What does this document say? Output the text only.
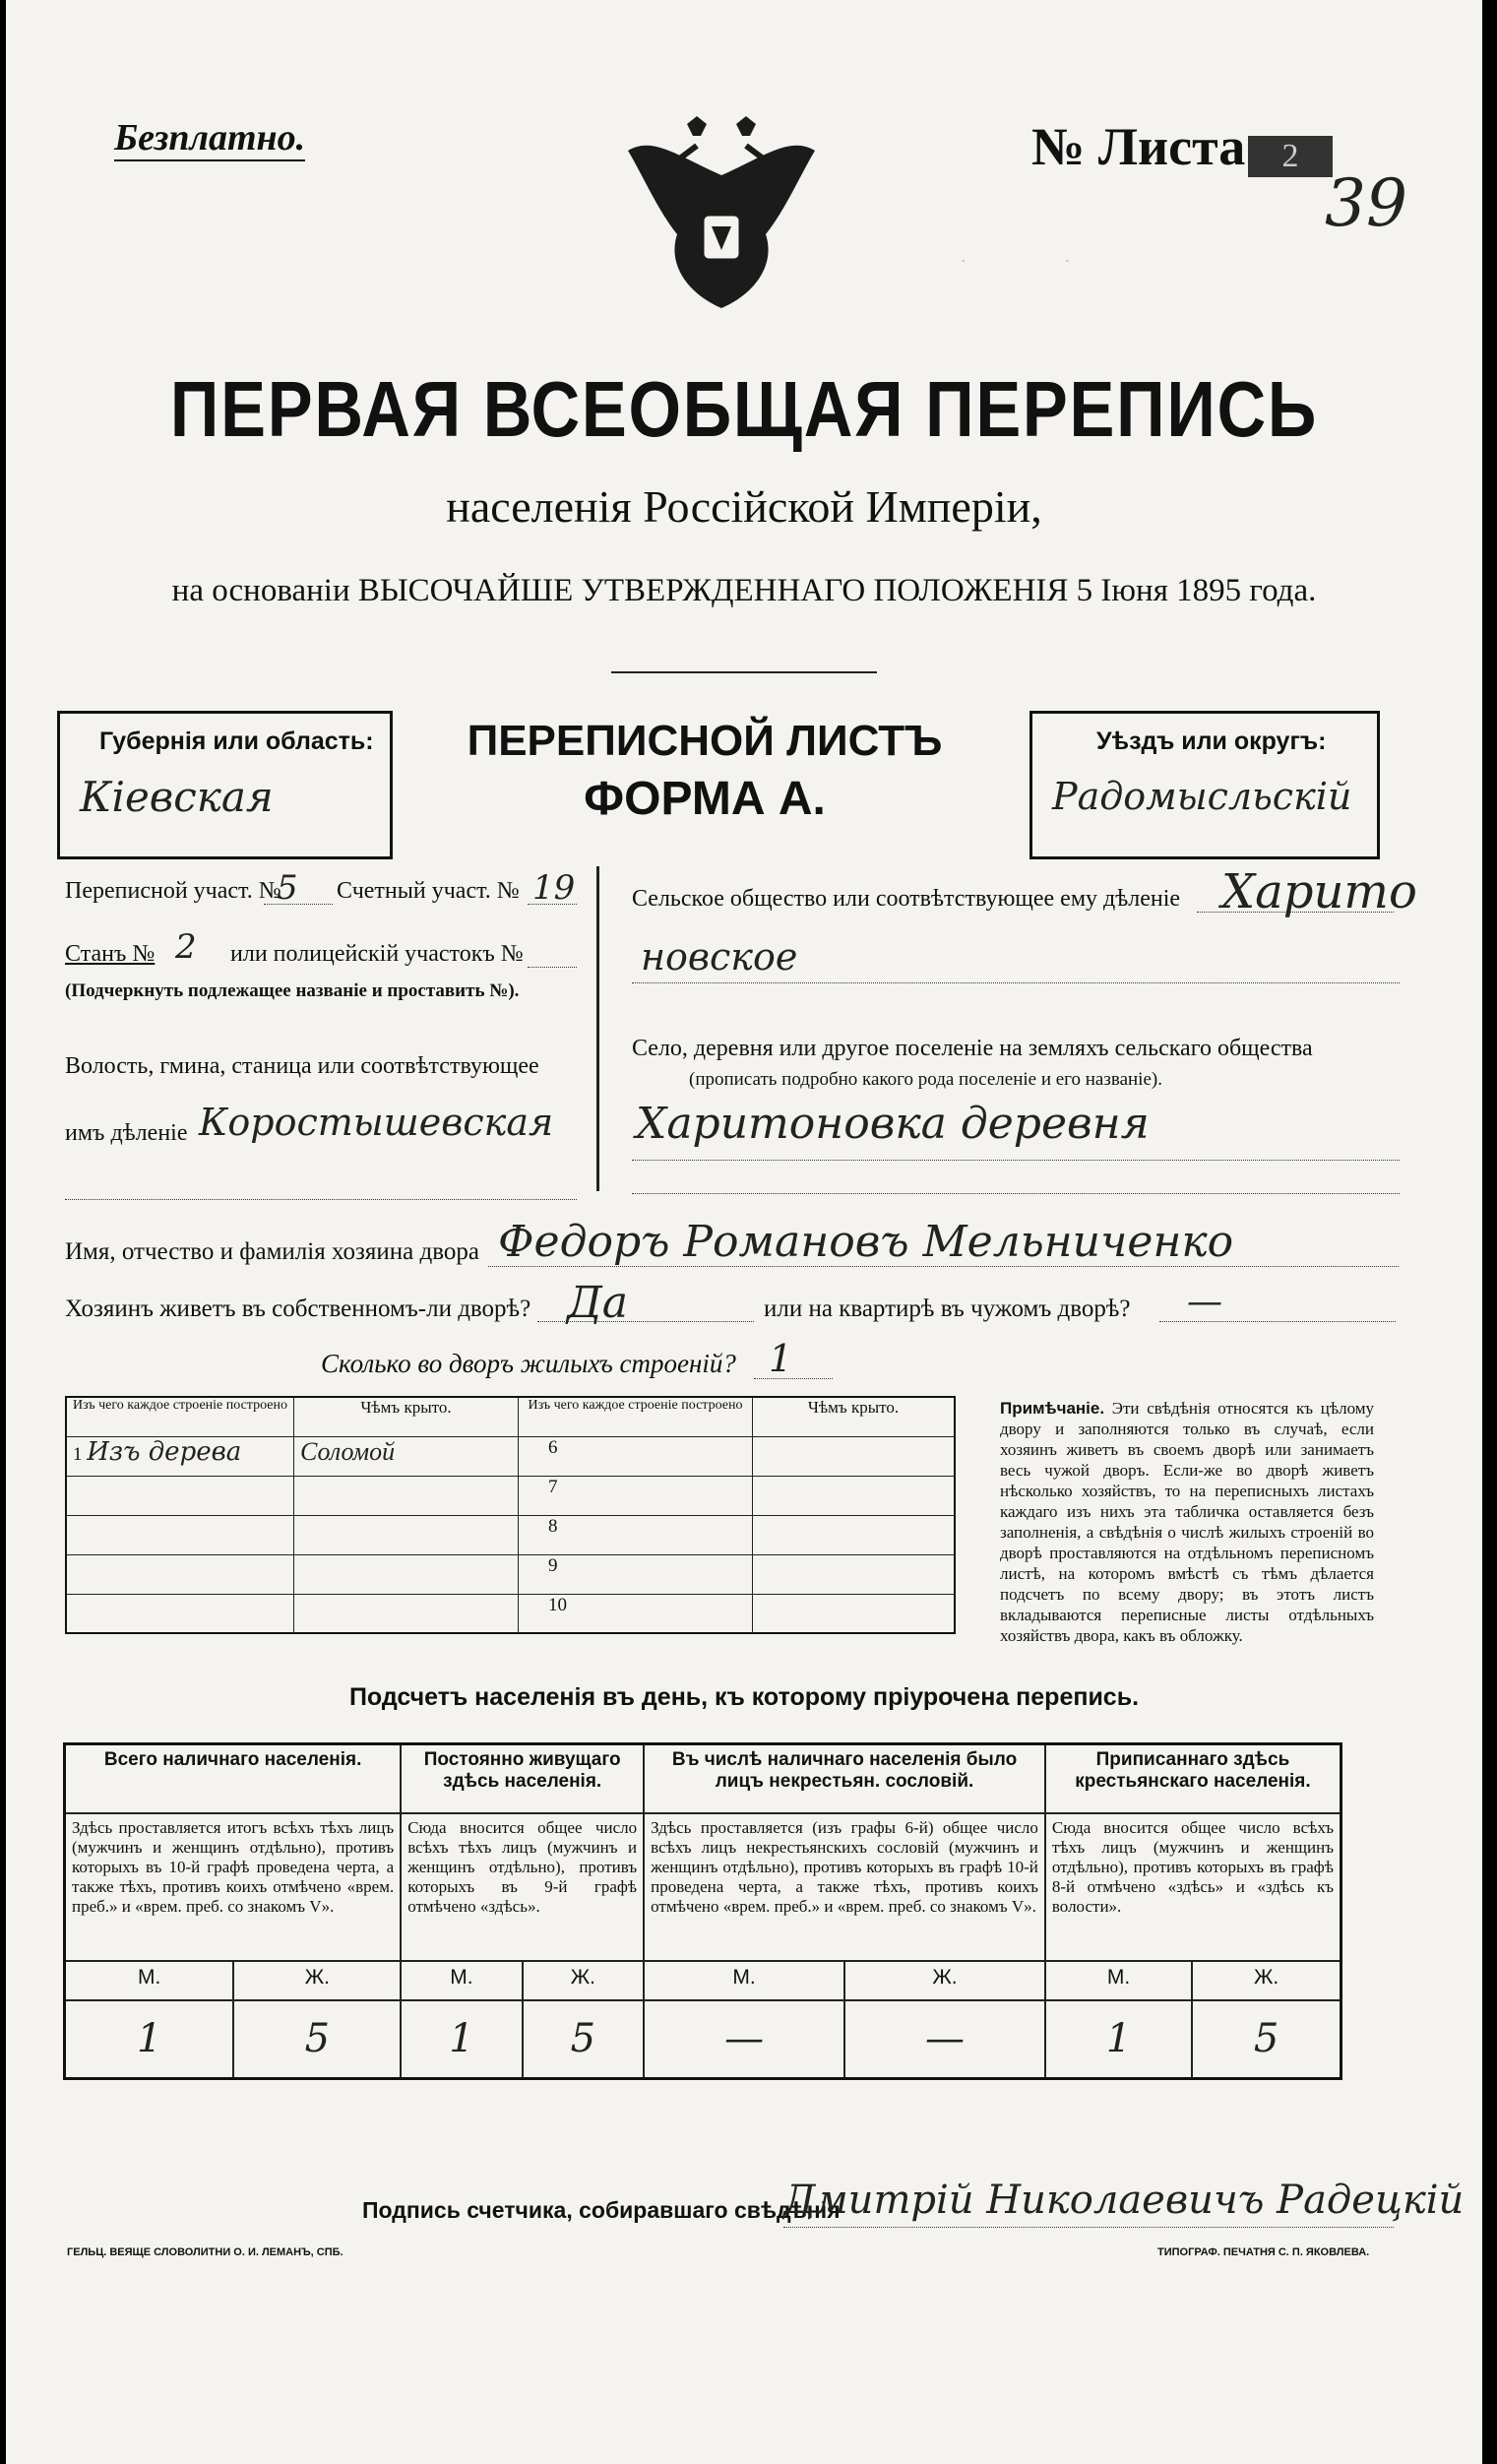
.                  .
Безплатно.	№ Листа	2
39
ПЕРВАЯ ВСЕОБЩАЯ ПЕРЕПИСЬ
населенія Россійской Имперіи,
на основаніи ВЫСОЧАЙШЕ УТВЕРЖДЕННАГО ПОЛОЖЕНІЯ 5 Іюня 1895 года.
Губернія или область:
Кіевская
ПЕРЕПИСНОЙ ЛИСТЪ
ФОРМА А.
Уѣздъ или округъ:
Радомысльскій
Переписной участ. №
5 Счетный участ. № 19
Станъ № 2 или полицейскій участокъ №
(Подчеркнуть подлежащее названіе и проставить №).
Волость, гмина, станица или соотвѣтствующее
имъ дѣленіе Коростышевская
Сельское общество или соотвѣтствующее ему дѣленіе Харито
новское
Село, деревня или другое поселеніе на земляхъ сельскаго общества
(прописать подробно какого рода поселеніе и его названіе).
Харитоновка деревня
Имя, отчество и фамилія хозяина двора Федоръ Романовъ Мельниченко
Хозяинъ живетъ въ собственномъ-ли дворѣ? Да	или на квартирѣ въ чужомъ дворѣ? —
Сколько во дворъ жилыхъ строеній? 1
Изъ чего каждое строеніе построено	Чѣмъ крыто.	Изъ чего каждое строеніе построено	Чѣмъ крыто.
1 Изъ дерева	Соломой	6	
		7	
		8	
		9	
		10	
Примѣчаніе. Эти свѣдѣнія относятся къ цѣлому двору и заполняются только въ случаѣ, если хозяинъ живетъ въ своемъ дворѣ или занимаетъ весь чужой дворъ. Если-же во дворѣ живетъ нѣсколько хозяйствъ, то на переписныхъ листахъ каждаго изъ нихъ эта табличка оставляется безъ заполненія, а свѣдѣнія о числѣ жилыхъ строеній во дворѣ проставляются на отдѣльномъ переписномъ листѣ, на которомъ вмѣстѣ съ тѣмъ дѣлается подсчетъ по всему двору; въ этотъ листъ вкладываются переписные листы отдѣльныхъ хозяйствъ двора, какъ въ обложку.
Подсчетъ населенія въ день, къ которому пріурочена перепись.
Всего наличнаго населенія.		Постоянно живущаго здѣсь населенія.		Въ числѣ наличнаго населенія было лицъ некрестьян. сословій.		Приписаннаго здѣсь крестьянскаго населенія.	
Здѣсь проставляется итогъ всѣхъ тѣхъ лицъ (мужчинъ и женщинъ отдѣльно), противъ которыхъ въ 10-й графѣ проведена черта, а также тѣхъ, противъ коихъ отмѣчено «врем. преб.» и «врем. преб. со знакомъ V».		Сюда вносится общее число всѣхъ тѣхъ лицъ (мужчинъ и женщинъ отдѣльно), противъ которыхъ въ 9-й графѣ отмѣчено «здѣсь».		Здѣсь проставляется (изъ графы 6-й) общее число всѣхъ лицъ некрестьянскихъ сословій (мужчинъ и женщинъ отдѣльно), противъ которыхъ въ графѣ 10-й проведена черта, а также тѣхъ, противъ коихъ отмѣчено «врем. преб.» и «врем. преб. со знакомъ V».		Сюда вносится общее число всѣхъ тѣхъ лицъ (мужчинъ и женщинъ отдѣльно), противъ которыхъ въ графѣ 8-й отмѣчено «здѣсь» и «здѣсь къ волости».	
М.	Ж.	М.	Ж.	М.	Ж.	М.	Ж.
1	5	1	5	—	—	1	5
Подпись счетчика, собиравшаго свѣдѣнія
Дмитрій Николаевичъ Радецкій
ГЕЛЬЦ. ВЕЯЩЕ СЛОВОЛИТНИ О. И. ЛЕМАНЪ, СПБ.	ТИПОГРАФ. ПЕЧАТНЯ С. П. ЯКОВЛЕВА.
